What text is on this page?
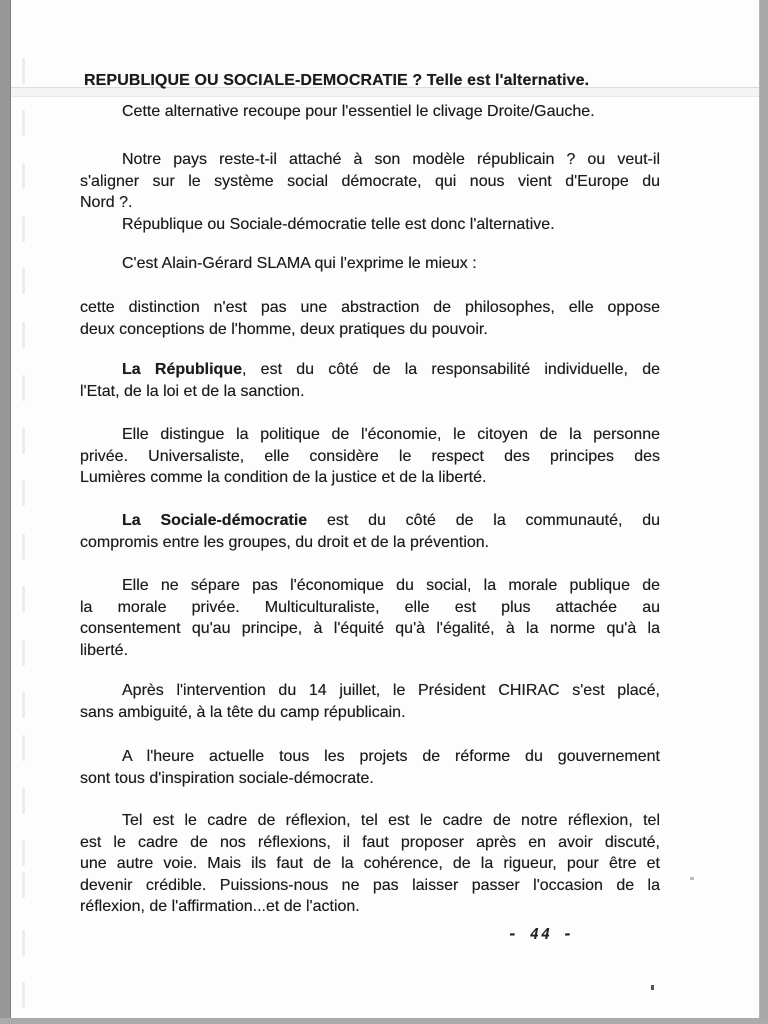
REPUBLIQUE OU SOCIALE-DEMOCRATIE ? Telle est l'alternative.
Cette alternative recoupe pour l'essentiel le clivage Droite/Gauche.
Notre pays reste-t-il attaché à son modèle républicain ? ou veut-il
s'aligner sur le système social démocrate, qui nous vient d'Europe du
Nord ?.
République ou Sociale-démocratie telle est donc l'alternative.
C'est Alain-Gérard SLAMA qui l'exprime le mieux :
cette distinction n'est pas une abstraction de philosophes, elle oppose
deux conceptions de l'homme, deux pratiques du pouvoir.
La République, est du côté de la responsabilité individuelle, de
l'Etat, de la loi et de la sanction.
Elle distingue la politique de l'économie, le citoyen de la personne
privée. Universaliste, elle considère le respect des principes des
Lumières comme la condition de la justice et de la liberté.
La Sociale-démocratie est du côté de la communauté, du
compromis entre les groupes, du droit et de la prévention.
Elle ne sépare pas l'économique du social, la morale publique de
la morale privée. Multiculturaliste, elle est plus attachée au
consentement qu'au principe, à l'équité qu'à l'égalité, à la norme qu'à la
liberté.
Après l'intervention du 14 juillet, le Président CHIRAC s'est placé,
sans ambiguité, à la tête du camp républicain.
A l'heure actuelle tous les projets de réforme du gouvernement
sont tous d'inspiration sociale-démocrate.
Tel est le cadre de réflexion, tel est le cadre de notre réflexion, tel
est le cadre de nos réflexions, il faut proposer après en avoir discuté,
une autre voie. Mais ils faut de la cohérence, de la rigueur, pour être et
devenir crédible. Puissions-nous ne pas laisser passer l'occasion de la
réflexion, de l'affirmation...et de l'action.
- 44 -
